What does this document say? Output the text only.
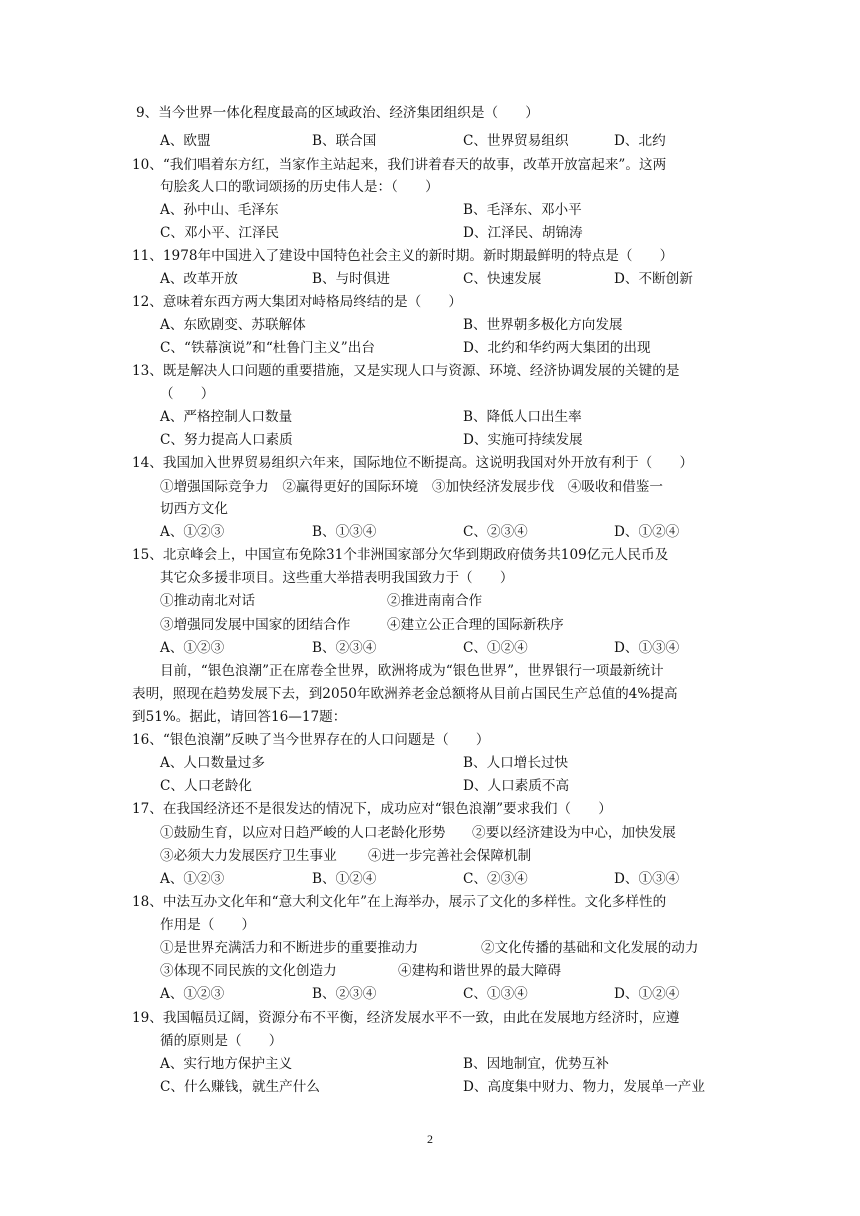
9、当今世界一体化程度最高的区域政治、经济集团组织是（　　）
A、欧盟	B、联合国	C、世界贸易组织	D、北约
10、“我们唱着东方红，当家作主站起来，我们讲着春天的故事，改革开放富起来”。这两
句脍炙人口的歌词颂扬的历史伟人是：（　　）
A、孙中山、毛泽东	B、毛泽东、邓小平
C、邓小平、江泽民	D、江泽民、胡锦涛
11、1978年中国进入了建设中国特色社会主义的新时期。新时期最鲜明的特点是（　　）
A、改革开放	B、与时俱进	C、快速发展	D、不断创新
12、意味着东西方两大集团对峙格局终结的是（　　）
A、东欧剧变、苏联解体	B、世界朝多极化方向发展
C、“铁幕演说”和“杜鲁门主义”出台	D、北约和华约两大集团的出现
13、既是解决人口问题的重要措施，又是实现人口与资源、环境、经济协调发展的关键的是
（　　）
A、严格控制人口数量	B、降低人口出生率
C、努力提高人口素质	D、实施可持续发展
14、我国加入世界贸易组织六年来，国际地位不断提高。这说明我国对外开放有利于（　　）
①增强国际竞争力　②赢得更好的国际环境　③加快经济发展步伐　④吸收和借鉴一
切西方文化
A、①②③	B、①③④	C、②③④	D、①②④
15、北京峰会上，中国宣布免除31个非洲国家部分欠华到期政府债务共109亿元人民币及
其它众多援非项目。这些重大举措表明我国致力于（　　）
①推动南北对话	②推进南南合作
③增强同发展中国家的团结合作	④建立公正合理的国际新秩序
A、①②③	B、②③④	C、①②④	D、①③④
目前，“银色浪潮”正在席卷全世界，欧洲将成为“银色世界”，世界银行一项最新统计
表明，照现在趋势发展下去，到2050年欧洲养老金总额将从目前占国民生产总值的4%提高
到51%。据此，请回答16—17题：
16、“银色浪潮”反映了当今世界存在的人口问题是（　　）
A、人口数量过多	B、人口增长过快
C、人口老龄化	D、人口素质不高
17、在我国经济还不是很发达的情况下，成功应对“银色浪潮”要求我们（　　）
①鼓励生育，以应对日趋严峻的人口老龄化形势 ②要以经济建设为中心，加快发展
③必须大力发展医疗卫生事业 ④进一步完善社会保障机制
A、①②③	B、①②④	C、②③④	D、①③④
18、中法互办文化年和“意大利文化年”在上海举办，展示了文化的多样性。文化多样性的
作用是（　　）
①是世界充满活力和不断进步的重要推动力	②文化传播的基础和文化发展的动力
③体现不同民族的文化创造力	④建构和谐世界的最大障碍
A、①②③	B、②③④	C、①③④	D、①②④
19、我国幅员辽阔，资源分布不平衡，经济发展水平不一致，由此在发展地方经济时，应遵
循的原则是（　　）
A、实行地方保护主义	B、因地制宜，优势互补
C、什么赚钱，就生产什么	D、高度集中财力、物力，发展单一产业
2
